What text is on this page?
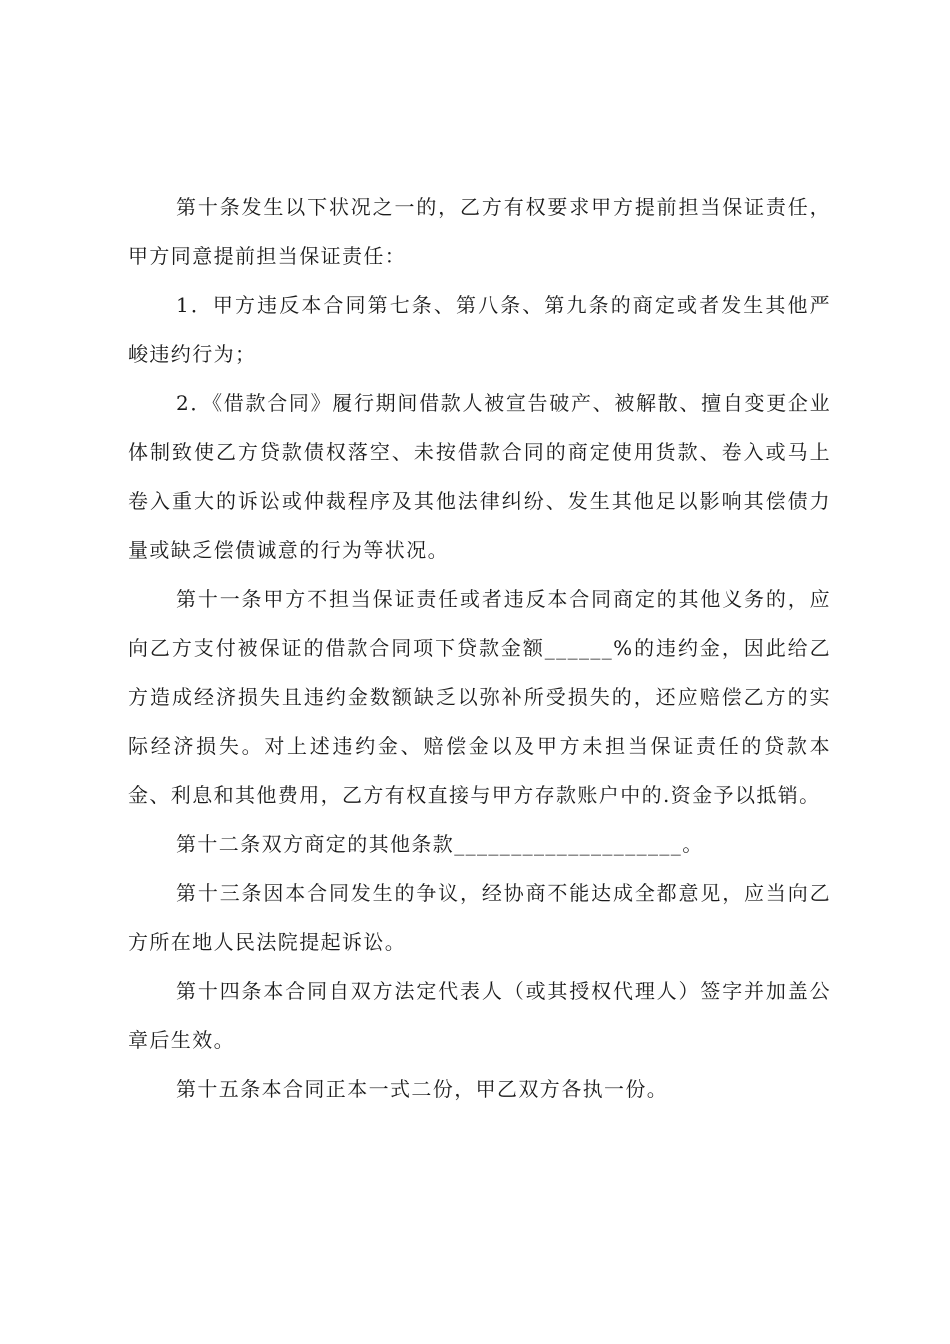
第十条发生以下状况之一的，乙方有权要求甲方提前担当保证责任，甲方同意提前担当保证责任：

1．甲方违反本合同第七条、第八条、第九条的商定或者发生其他严峻违约行为；

2．《借款合同》履行期间借款人被宣告破产、被解散、擅自变更企业体制致使乙方贷款债权落空、未按借款合同的商定使用货款、卷入或马上卷入重大的诉讼或仲裁程序及其他法律纠纷、发生其他足以影响其偿债力量或缺乏偿债诚意的行为等状况。

第十一条甲方不担当保证责任或者违反本合同商定的其他义务的，应向乙方支付被保证的借款合同项下贷款金额______%的违约金，因此给乙方造成经济损失且违约金数额缺乏以弥补所受损失的，还应赔偿乙方的实际经济损失。对上述违约金、赔偿金以及甲方未担当保证责任的贷款本金、利息和其他费用，乙方有权直接与甲方存款账户中的.资金予以抵销。

第十二条双方商定的其他条款____________________。

第十三条因本合同发生的争议，经协商不能达成全都意见，应当向乙方所在地人民法院提起诉讼。

第十四条本合同自双方法定代表人（或其授权代理人）签字并加盖公章后生效。

第十五条本合同正本一式二份，甲乙双方各执一份。
